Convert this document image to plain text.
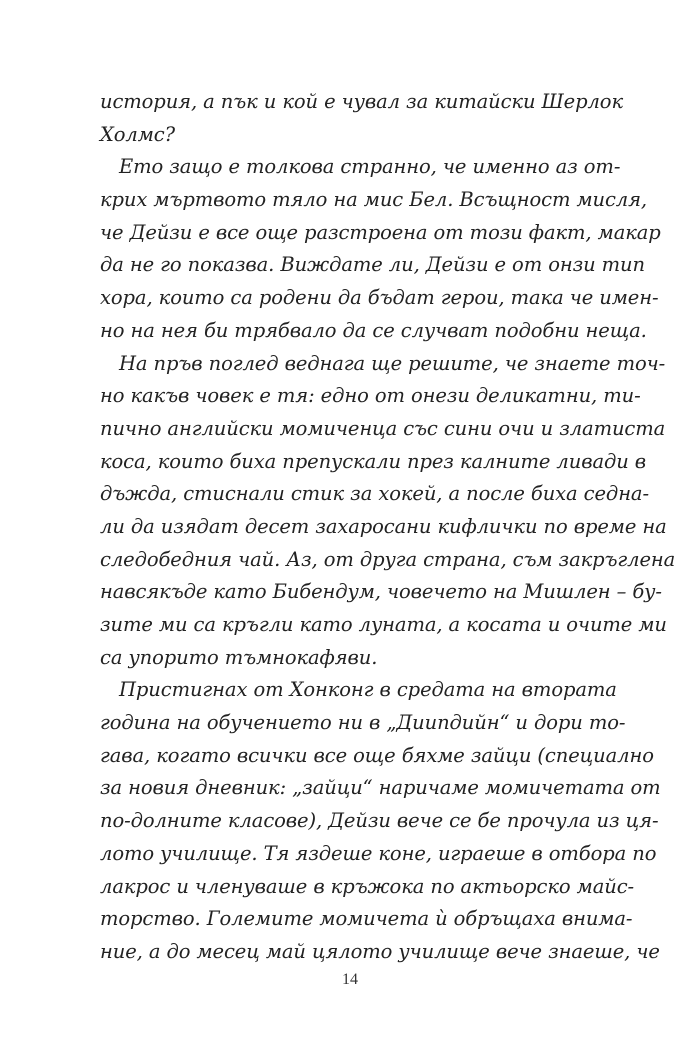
история, а пък и кой е чувал за китайски Шерлок
Холмс?
Ето защо е толкова странно, че именно аз от-
крих мъртвото тяло на мис Бел. Всъщност мисля,
че Дейзи е все още разстроена от този факт, макар
да не го показва. Виждате ли, Дейзи е от онзи тип
хора, които са родени да бъдат герои, така че имен-
но на нея би трябвало да се случват подобни неща.
На пръв поглед веднага ще решите, че знаете точ-
но какъв човек е тя: едно от онези деликатни, ти-
пично английски момиченца със сини очи и златиста
коса, които биха препускали през калните ливади в
дъжда, стиснали стик за хокей, а после биха седна-
ли да изядат десет захаросани кифлички по време на
следобедния чай. Аз, от друга страна, съм закръглена
навсякъде като Бибендум, човечето на Мишлен – бу-
зите ми са кръгли като луната, а косата и очите ми
са упорито тъмнокафяви.
Пристигнах от Хонконг в средата на втората
година на обучението ни в „Диипдийн“ и дори то-
гава, когато всички все още бяхме зайци (специално
за новия дневник: „зайци“ наричаме момичетата от
по-долните класове), Дейзи вече се бе прочула из ця-
лото училище. Тя яздеше коне, играеше в отбора по
лакрос и членуваше в кръжока по актьорско майс-
торство. Големите момичета ѝ обръщаха внима-
ние, а до месец май цялото училище вече знаеше, че
14
